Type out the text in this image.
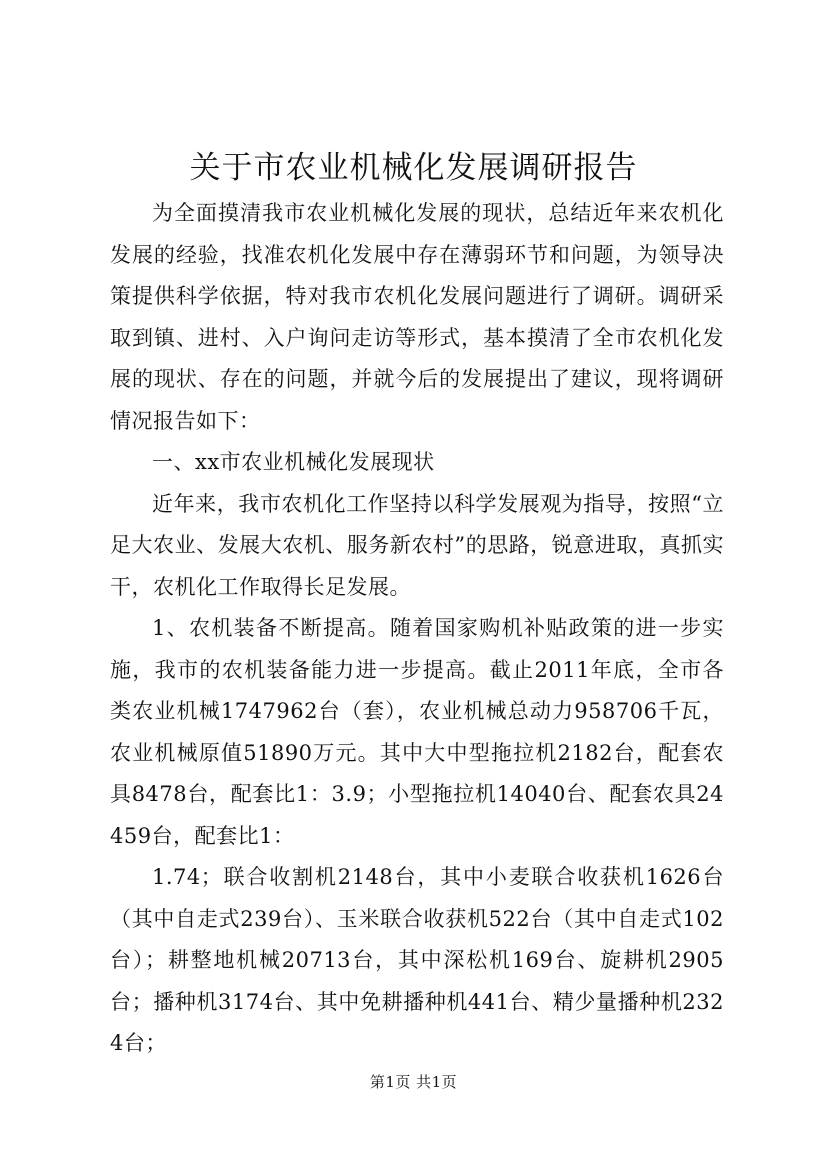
关于市农业机械化发展调研报告

为全面摸清我市农业机械化发展的现状，总结近年来农机化发展的经验，找准农机化发展中存在薄弱环节和问题，为领导决策提供科学依据，特对我市农机化发展问题进行了调研。调研采取到镇、进村、入户询问走访等形式，基本摸清了全市农机化发展的现状、存在的问题，并就今后的发展提出了建议，现将调研情况报告如下：

一、xx市农业机械化发展现状

近年来，我市农机化工作坚持以科学发展观为指导，按照“立足大农业、发展大农机、服务新农村”的思路，锐意进取，真抓实干，农机化工作取得长足发展。

1、农机装备不断提高。随着国家购机补贴政策的进一步实施，我市的农机装备能力进一步提高。截止2011年底，全市各类农业机械1747962台（套），农业机械总动力958706千瓦，农业机械原值51890万元。其中大中型拖拉机2182台，配套农具8478台，配套比1：3.9；小型拖拉机14040台、配套农具24459台，配套比1：

1.74；联合收割机2148台，其中小麦联合收获机1626台（其中自走式239台）、玉米联合收获机522台（其中自走式102台）；耕整地机械20713台，其中深松机169台、旋耕机2905台；播种机3174台、其中免耕播种机441台、精少量播种机2324台；

第1页 共1页
